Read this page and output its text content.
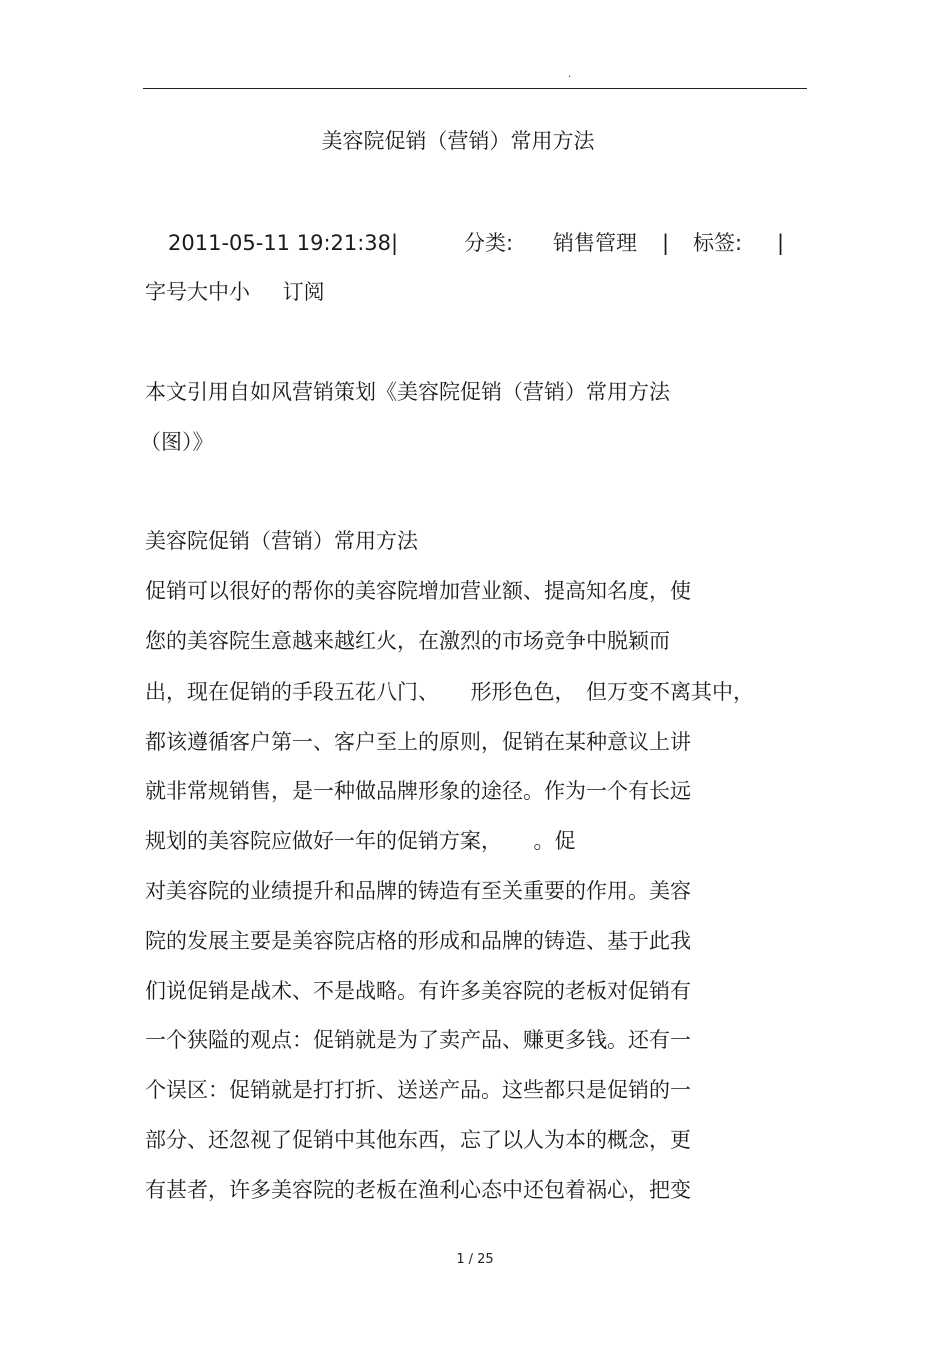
.
美容院促销（营销）常用方法
2011-05-11 19:21:38|	分类: 销售管理 | 标签: |
字号大中小 订阅
本文引用自如风营销策划《美容院促销（营销）常用方法
（图）》
美容院促销（营销）常用方法
促销可以很好的帮你的美容院增加营业额、提高知名度，使
您的美容院生意越来越红火，在激烈的市场竞争中脱颖而
出，现在促销的手段五花八门、　　形形色色，　但万变不离其中，
都该遵循客户第一、客户至上的原则，促销在某种意议上讲
就非常规销售，是一种做品牌形象的途径。作为一个有长远
规划的美容院应做好一年的促销方案，　　。促
对美容院的业绩提升和品牌的铸造有至关重要的作用。美容
院的发展主要是美容院店格的形成和品牌的铸造、基于此我
们说促销是战术、不是战略。有许多美容院的老板对促销有
一个狭隘的观点：促销就是为了卖产品、赚更多钱。还有一
个误区：促销就是打打折、送送产品。这些都只是促销的一
部分、还忽视了促销中其他东西，忘了以人为本的概念，更
有甚者，许多美容院的老板在渔利心态中还包着祸心，把变
1 / 25
